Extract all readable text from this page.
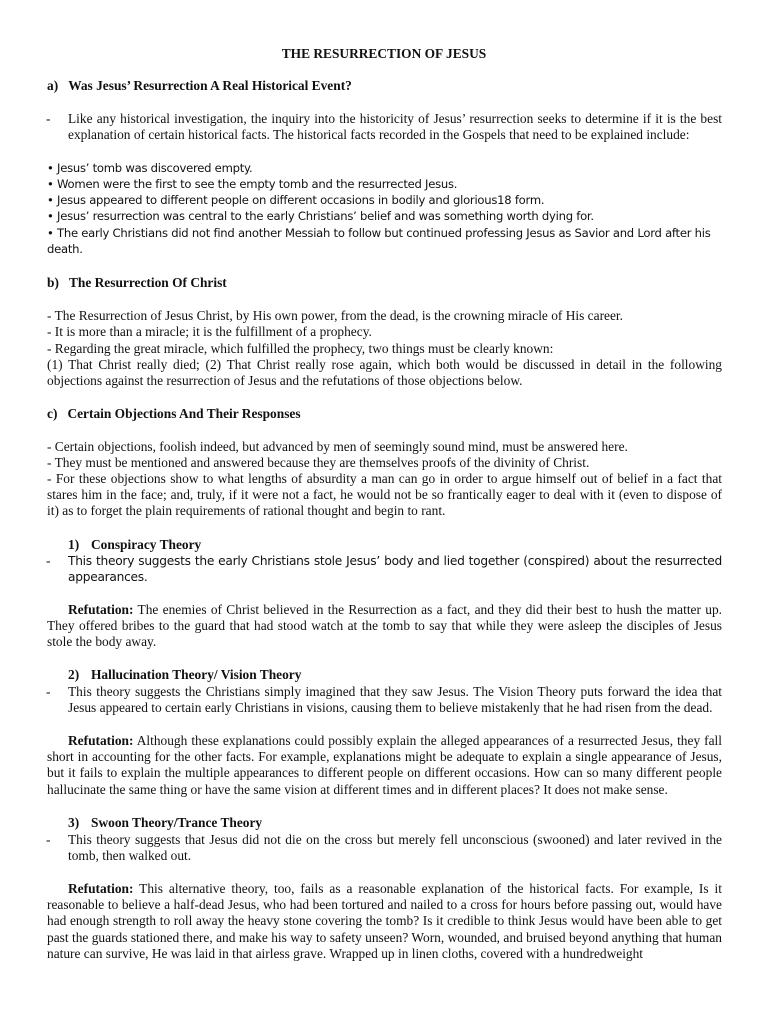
THE RESURRECTION OF JESUS

a)   Was Jesus’ Resurrection A Real Historical Event?

- Like any historical investigation, the inquiry into the historicity of Jesus’ resurrection seeks to determine if it is the best explanation of certain historical facts. The historical facts recorded in the Gospels that need to be explained include:

• Jesus’ tomb was discovered empty.

• Women were the first to see the empty tomb and the resurrected Jesus.

• Jesus appeared to different people on different occasions in bodily and glorious18 form.

• Jesus’ resurrection was central to the early Christians’ belief and was something worth dying for.

• The early Christians did not find another Messiah to follow but continued professing Jesus as Savior and Lord after his death.

b)   The Resurrection Of Christ

- The Resurrection of Jesus Christ, by His own power, from the dead, is the crowning miracle of His career.

- It is more than a miracle; it is the fulfillment of a prophecy.

- Regarding the great miracle, which fulfilled the prophecy, two things must be clearly known:

(1) That Christ really died; (2) That Christ really rose again, which both would be discussed in detail in the following objections against the resurrection of Jesus and the refutations of those objections below.

c)   Certain Objections And Their Responses

- Certain objections, foolish indeed, but advanced by men of seemingly sound mind, must be answered here.

- They must be mentioned and answered because they are themselves proofs of the divinity of Christ.

- For these objections show to what lengths of absurdity a man can go in order to argue himself out of belief in a fact that stares him in the face; and, truly, if it were not a fact, he would not be so frantically eager to deal with it (even to dispose of it) as to forget the plain requirements of rational thought and begin to rant.

1) Conspiracy Theory

- This theory suggests the early Christians stole Jesus’ body and lied together (conspired) about the resurrected appearances.

Refutation: The enemies of Christ believed in the Resurrection as a fact, and they did their best to hush the matter up. They offered bribes to the guard that had stood watch at the tomb to say that while they were asleep the disciples of Jesus stole the body away.

2) Hallucination Theory/ Vision Theory

- This theory suggests the Christians simply imagined that they saw Jesus. The Vision Theory puts forward the idea that Jesus appeared to certain early Christians in visions, causing them to believe mistakenly that he had risen from the dead.

Refutation: Although these explanations could possibly explain the alleged appearances of a resurrected Jesus, they fall short in accounting for the other facts. For example, explanations might be adequate to explain a single appearance of Jesus, but it fails to explain the multiple appearances to different people on different occasions. How can so many different people hallucinate the same thing or have the same vision at different times and in different places? It does not make sense.

3) Swoon Theory/Trance Theory

- This theory suggests that Jesus did not die on the cross but merely fell unconscious (swooned) and later revived in the tomb, then walked out.

Refutation: This alternative theory, too, fails as a reasonable explanation of the historical facts. For example, Is it reasonable to believe a half-dead Jesus, who had been tortured and nailed to a cross for hours before passing out, would have had enough strength to roll away the heavy stone covering the tomb? Is it credible to think Jesus would have been able to get past the guards stationed there, and make his way to safety unseen? Worn, wounded, and bruised beyond anything that human nature can survive, He was laid in that airless grave. Wrapped up in linen cloths, covered with a hundredweight
